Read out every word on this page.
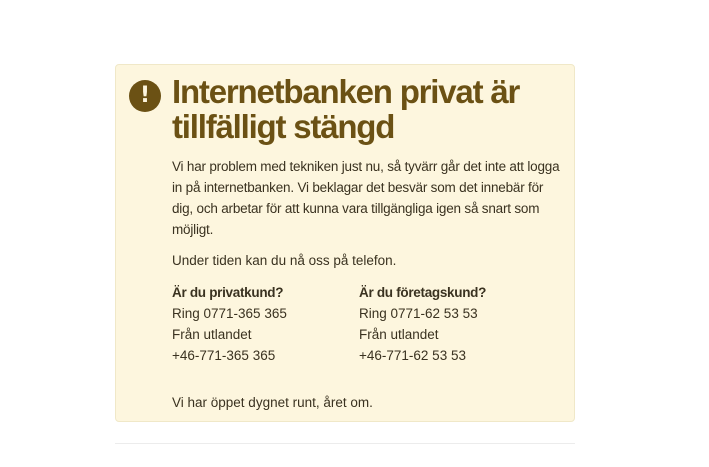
! Internetbanken privat är tillfälligt stängd

Vi har problem med tekniken just nu, så tyvärr går det inte att logga in på internetbanken. Vi beklagar det besvär som det innebär för dig, och arbetar för att kunna vara tillgängliga igen så snart som möjligt.

Under tiden kan du nå oss på telefon.

Är du privatkund?
Ring 0771-365 365
Från utlandet
+46-771-365 365
Är du företagskund?
Ring 0771-62 53 53
Från utlandet
+46-771-62 53 53

Vi har öppet dygnet runt, året om.
